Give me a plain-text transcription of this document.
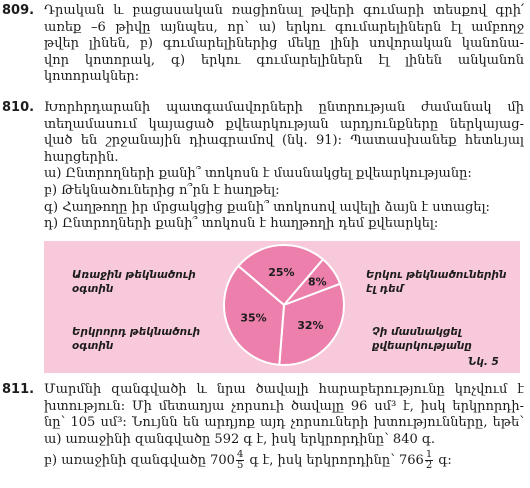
809. Դրական և բացասական ռացիոնալ թվերի գումարի տեսքով գրի՛
առեք –6 թիվը այնպես, որ՝ ա) երկու գումարելիներն էլ ամբողջ
թվեր լինեն, բ) գումարելիներից մեկը լինի սովորական կանոնա-
վոր կոտորակ, գ) երկու գումարելիներն էլ լինեն անկանոն
կոտորակներ:
810. Խորհրդարանի պատգամավորների ընտրության ժամանակ մի
տեղամասում կայացած քվեարկության արդյունքները ներկայաց-
ված են շրջանային դիագրամով (նկ. 91): Պատասխանեք հետևյալ
հարցերին.
ա) Ընտրողների քանի՞ տոկոսն է մասնակցել քվեարկությանը:
բ) Թեկնածուներից ո՞րն է հաղթել:
գ) Հաղթողը իր մրցակցից քանի՞ տոկոսով ավելի ձայն է ստացել:
դ) Ընտրողների քանի՞ տոկոսն է հաղթողի դեմ քվեարկել:
25%
8%
32%
35%
Առաջին թեկնածուի
օգտին
Երկրորդ թեկնածուի
օգտին
Երկու թեկնածուներին
էլ դեմ
Չի մասնակցել
քվեարկությանը
Նկ. 5
811. Մարմնի զանգվածի և նրա ծավալի հարաբերությունը կոչվում է
խտություն: Մի մետաղյա չորսուի ծավալը 96 սմ³ է, իսկ երկրորդի-
նը՝ 105 սմ³: Նույնն են արդյոք այդ չորսուների խտությունները, եթե՝
ա) առաջինի զանգվածը 592 գ է, իսկ երկրորդինը՝ 840 գ.
բ) առաջինի զանգվածը $700 \frac{4}{5}$ գ է, իսկ երկրորդինը՝ $766 \frac{1}{2}$ գ:
